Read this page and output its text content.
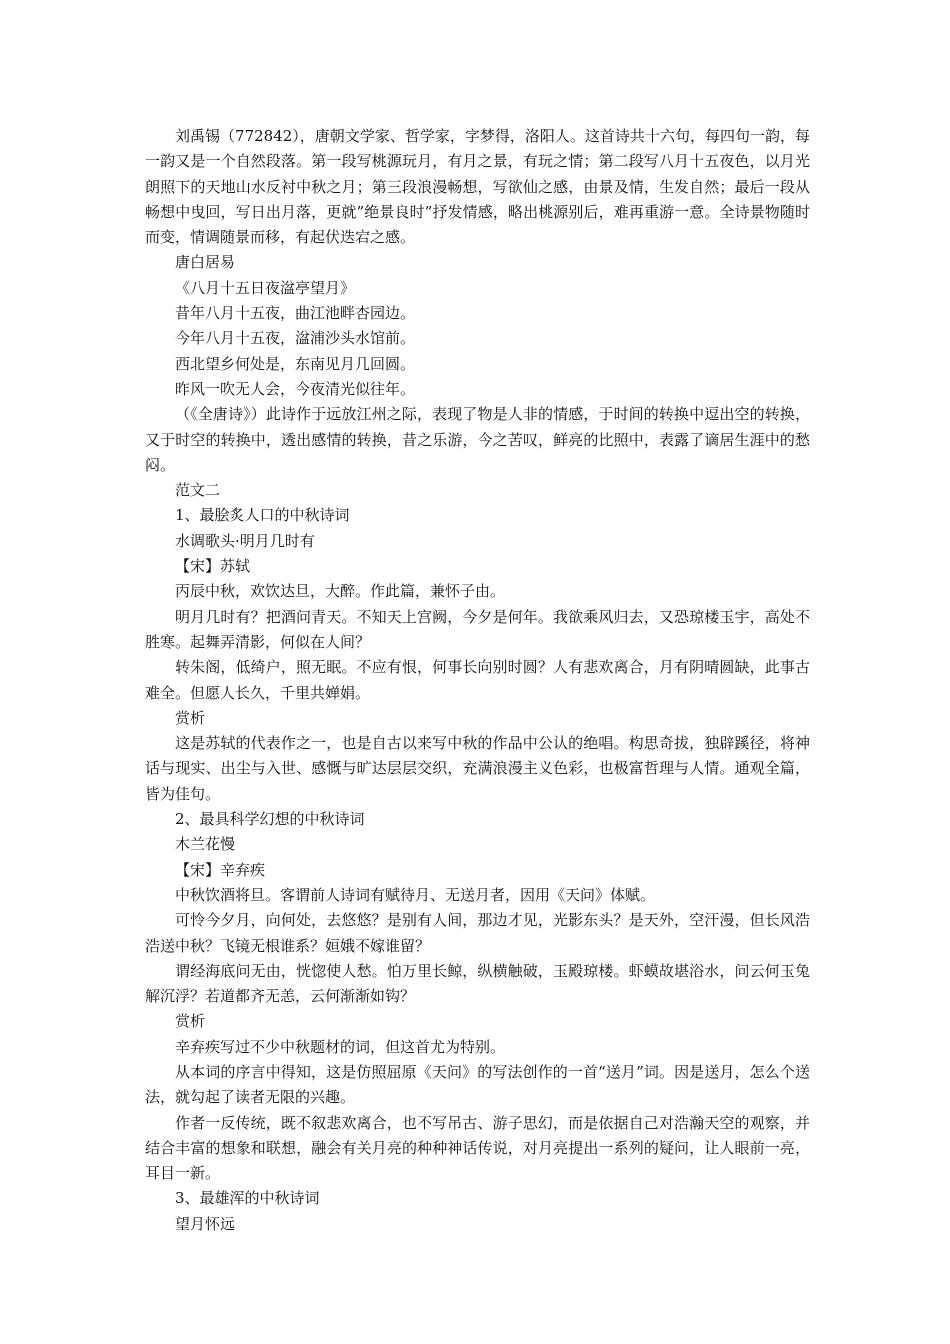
刘禹锡（772842），唐朝文学家、哲学家，字梦得，洛阳人。这首诗共十六句，每四句一韵，每一韵又是一个自然段落。第一段写桃源玩月，有月之景，有玩之情；第二段写八月十五夜色，以月光朗照下的天地山水反衬中秋之月；第三段浪漫畅想，写欲仙之感，由景及情，生发自然；最后一段从畅想中曳回，写日出月落，更就”绝景良时”抒发情感，略出桃源别后，难再重游一意。全诗景物随时而变，情调随景而移，有起伏迭宕之感。

唐白居易

《八月十五日夜湓亭望月》

昔年八月十五夜，曲江池畔杏园边。

今年八月十五夜，湓浦沙头水馆前。

西北望乡何处是，东南见月几回圆。

昨风一吹无人会，今夜清光似往年。

（《全唐诗》）此诗作于远放江州之际，表现了物是人非的情感，于时间的转换中逗出空的转换，又于时空的转换中，透出感情的转换，昔之乐游，今之苦叹，鲜亮的比照中，表露了谪居生涯中的愁闷。

范文二

1、最脍炙人口的中秋诗词

水调歌头·明月几时有

【宋】苏轼

丙辰中秋，欢饮达旦，大醉。作此篇，兼怀子由。

明月几时有？把酒问青天。不知天上宫阙，今夕是何年。我欲乘风归去，又恐琼楼玉宇，高处不胜寒。起舞弄清影，何似在人间？

转朱阁，低绮户，照无眠。不应有恨，何事长向别时圆？人有悲欢离合，月有阴晴圆缺，此事古难全。但愿人长久，千里共婵娟。

赏析

这是苏轼的代表作之一，也是自古以来写中秋的作品中公认的绝唱。构思奇拔，独辟蹊径，将神话与现实、出尘与入世、感慨与旷达层层交织，充满浪漫主义色彩，也极富哲理与人情。通观全篇，皆为佳句。

2、最具科学幻想的中秋诗词

木兰花慢

【宋】辛弃疾

中秋饮酒将旦。客谓前人诗词有赋待月、无送月者，因用《天问》体赋。

可怜今夕月，向何处，去悠悠？是别有人间，那边才见，光影东头？是天外，空汗漫，但长风浩浩送中秋？飞镜无根谁系？姮娥不嫁谁留？

谓经海底问无由，恍惚使人愁。怕万里长鲸，纵横触破，玉殿琼楼。虾蟆故堪浴水，问云何玉兔解沉浮？若道都齐无恙，云何渐渐如钩？

赏析

辛弃疾写过不少中秋题材的词，但这首尤为特别。

从本词的序言中得知，这是仿照屈原《天问》的写法创作的一首“送月”词。因是送月，怎么个送法，就勾起了读者无限的兴趣。

作者一反传统，既不叙悲欢离合，也不写吊古、游子思幻，而是依据自己对浩瀚天空的观察，并结合丰富的想象和联想，融会有关月亮的种种神话传说，对月亮提出一系列的疑问，让人眼前一亮，耳目一新。

3、最雄浑的中秋诗词

望月怀远
